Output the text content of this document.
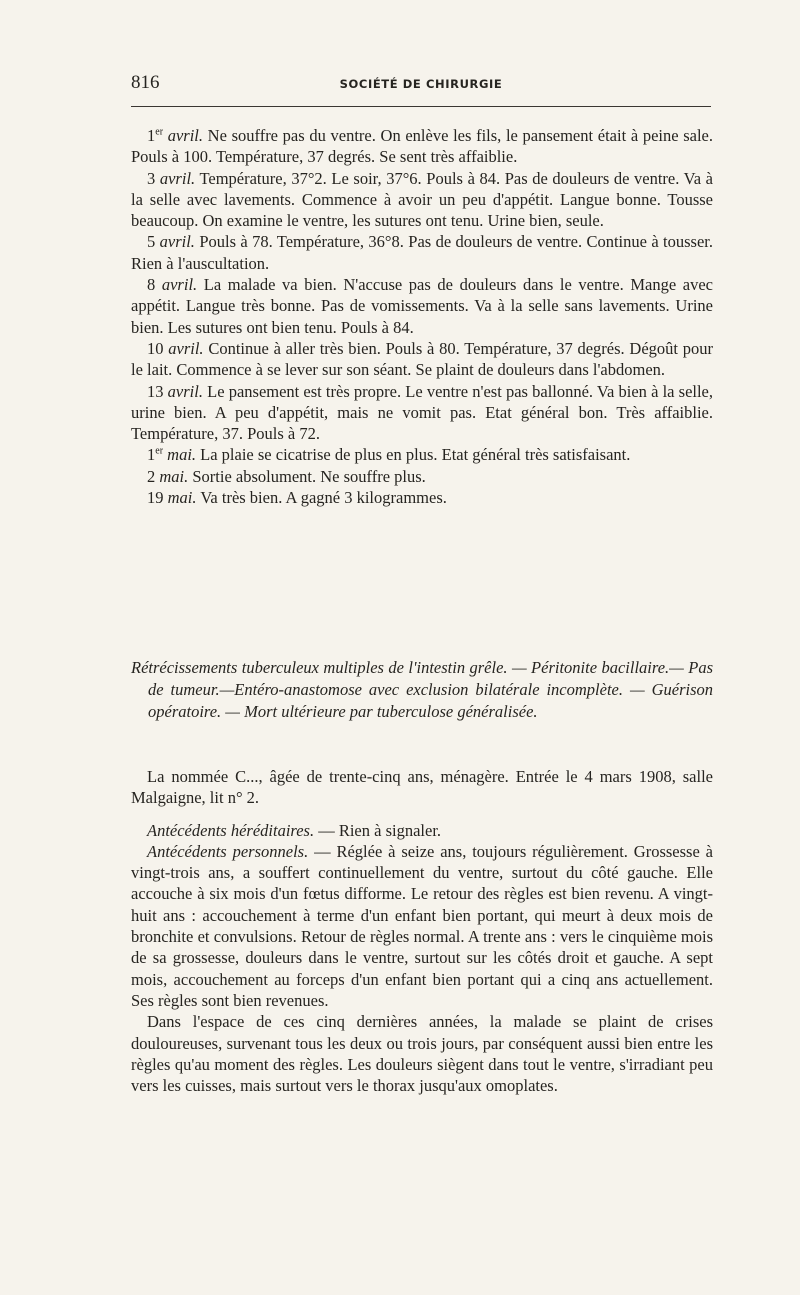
816	SOCIÉTÉ DE CHIRURGIE

1er avril. Ne souffre pas du ventre. On enlève les fils, le pansement était à peine sale. Pouls à 100. Température, 37 degrés. Se sent très affaiblie.

3 avril. Température, 37°2. Le soir, 37°6. Pouls à 84. Pas de douleurs de ventre. Va à la selle avec lavements. Commence à avoir un peu d'appétit. Langue bonne. Tousse beaucoup. On examine le ventre, les sutures ont tenu. Urine bien, seule.

5 avril. Pouls à 78. Température, 36°8. Pas de douleurs de ventre. Continue à tousser. Rien à l'auscultation.

8 avril. La malade va bien. N'accuse pas de douleurs dans le ventre. Mange avec appétit. Langue très bonne. Pas de vomissements. Va à la selle sans lavements. Urine bien. Les sutures ont bien tenu. Pouls à 84.

10 avril. Continue à aller très bien. Pouls à 80. Température, 37 degrés. Dégoût pour le lait. Commence à se lever sur son séant. Se plaint de douleurs dans l'abdomen.

13 avril. Le pansement est très propre. Le ventre n'est pas ballonné. Va bien à la selle, urine bien. A peu d'appétit, mais ne vomit pas. Etat général bon. Très affaiblie. Température, 37. Pouls à 72.

1er mai. La plaie se cicatrise de plus en plus. Etat général très satisfaisant.

2 mai. Sortie absolument. Ne souffre plus.

19 mai. Va très bien. A gagné 3 kilogrammes.

Rétrécissements tuberculeux multiples de l'intestin grêle. — Péritonite bacillaire.— Pas de tumeur.—Entéro-anastomose avec exclusion bilatérale incomplète. — Guérison opératoire. — Mort ultérieure par tuberculose généralisée.

La nommée C..., âgée de trente-cinq ans, ménagère. Entrée le 4 mars 1908, salle Malgaigne, lit n° 2.

Antécédents héréditaires. — Rien à signaler.

Antécédents personnels. — Réglée à seize ans, toujours régulièrement. Grossesse à vingt-trois ans, a souffert continuellement du ventre, surtout du côté gauche. Elle accouche à six mois d'un fœtus difforme. Le retour des règles est bien revenu. A vingt-huit ans : accouchement à terme d'un enfant bien portant, qui meurt à deux mois de bronchite et convulsions. Retour de règles normal. A trente ans : vers le cinquième mois de sa grossesse, douleurs dans le ventre, surtout sur les côtés droit et gauche. A sept mois, accouchement au forceps d'un enfant bien portant qui a cinq ans actuellement. Ses règles sont bien revenues.

Dans l'espace de ces cinq dernières années, la malade se plaint de crises douloureuses, survenant tous les deux ou trois jours, par conséquent aussi bien entre les règles qu'au moment des règles. Les douleurs siègent dans tout le ventre, s'irradiant peu vers les cuisses, mais surtout vers le thorax jusqu'aux omoplates.
